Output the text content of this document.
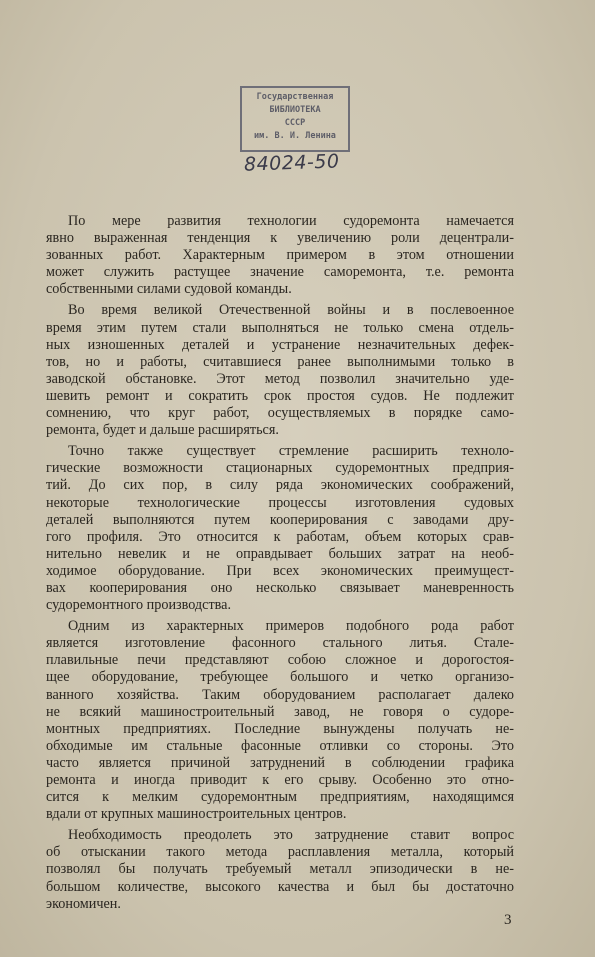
Государственная
БИБЛИОТЕКА
СССР
им. В. И. Ленина
84024-50
По мере развития технологии судоремонта намечается
явно выраженная тенденция к увеличению роли децентрали-
зованных работ. Характерным примером в этом отношении
может служить растущее значение саморемонта, т.е. ремонта
собственными силами судовой команды.
Во время великой Отечественной войны и в послевоенное
время этим путем стали выполняться не только смена отдель-
ных изношенных деталей и устранение незначительных дефек-
тов, но и работы, считавшиеся ранее выполнимыми только в
заводской обстановке. Этот метод позволил значительно уде-
шевить ремонт и сократить срок простоя судов. Не подлежит
сомнению, что круг работ, осуществляемых в порядке само-
ремонта, будет и дальше расширяться.
Точно также существует стремление расширить техноло-
гические возможности стационарных судоремонтных предприя-
тий. До сих пор, в силу ряда экономических соображений,
некоторые технологические процессы изготовления судовых
деталей выполняются путем кооперирования с заводами дру-
гого профиля. Это относится к работам, объем которых срав-
нительно невелик и не оправдывает больших затрат на необ-
ходимое оборудование. При всех экономических преимущест-
вах кооперирования оно несколько связывает маневренность
судоремонтного производства.
Одним из характерных примеров подобного рода работ
является изготовление фасонного стального литья. Стале-
плавильные печи представляют собою сложное и дорогостоя-
щее оборудование, требующее большого и четко организо-
ванного хозяйства. Таким оборудованием располагает далеко
не всякий машиностроительный завод, не говоря о судоре-
монтных предприятиях. Последние вынуждены получать не-
обходимые им стальные фасонные отливки со стороны. Это
часто является причиной затруднений в соблюдении графика
ремонта и иногда приводит к его срыву. Особенно это отно-
сится к мелким судоремонтным предприятиям, находящимся
вдали от крупных машиностроительных центров.
Необходимость преодолеть это затруднение ставит вопрос
об отыскании такого метода расплавления металла, который
позволял бы получать требуемый металл эпизодически в не-
большом количестве, высокого качества и был бы достаточно
экономичен.
3
